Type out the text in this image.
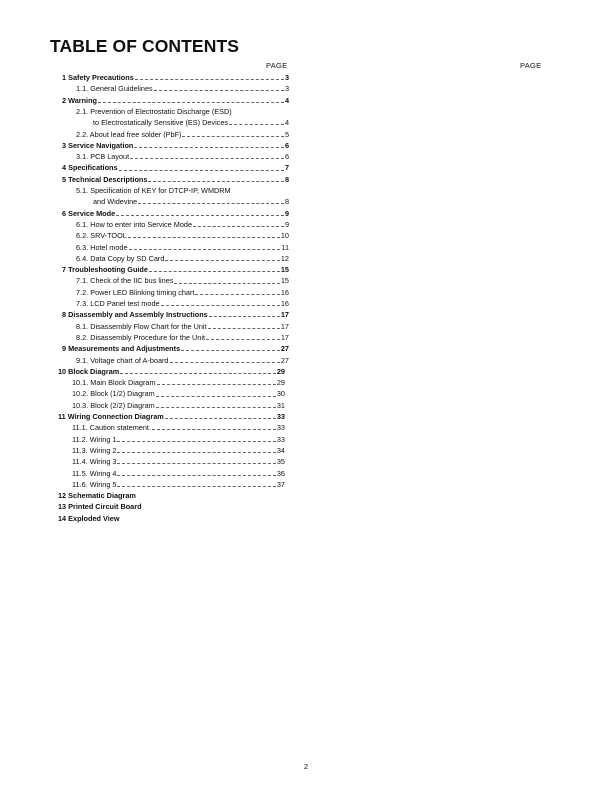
TABLE OF CONTENTS
PAGE	PAGE
1 Safety Precautions	3
1.1. General Guidelines	3
2 Warning	4
2.1. Prevention of Electrostatic Discharge (ESD)
to Electrostatically Sensitive (ES) Devices	4
2.2. About lead free solder (PbF)	5
3 Service Navigation	6
3.1. PCB Layout	6
4 Specifications	7
5 Technical Descriptions	8
5.1. Specification of KEY for DTCP-IP, WMDRM
and Widevine	8
6 Service Mode	9
6.1. How to enter into Service Mode	9
6.2. SRV-TOOL	10
6.3. Hotel mode	11
6.4. Data Copy by SD Card	12
7 Troubleshooting Guide	15
7.1. Check of the IIC bus lines	15
7.2. Power LED Blinking timing chart	16
7.3. LCD Panel test mode	16
8 Disassembly and Assembly Instructions	17
8.1. Disassembly Flow Chart for the Unit	17
8.2. Disassembly Procedure for the Unit	17
9 Measurements and Adjustments	27
9.1. Voltage chart of A-board	27
10 Block Diagram	29
10.1. Main Block Diagram	29
10.2. Block (1/2) Diagram	30
10.3. Block (2/2) Diagram	31
11 Wiring Connection Diagram	33
11.1. Caution statement.	33
11.2. Wiring 1	33
11.3. Wiring 2	34
11.4. Wiring 3	35
11.5. Wiring 4	36
11.6. Wiring 5	37
12 Schematic Diagram
13 Printed Circuit Board
14 Exploded View
2
